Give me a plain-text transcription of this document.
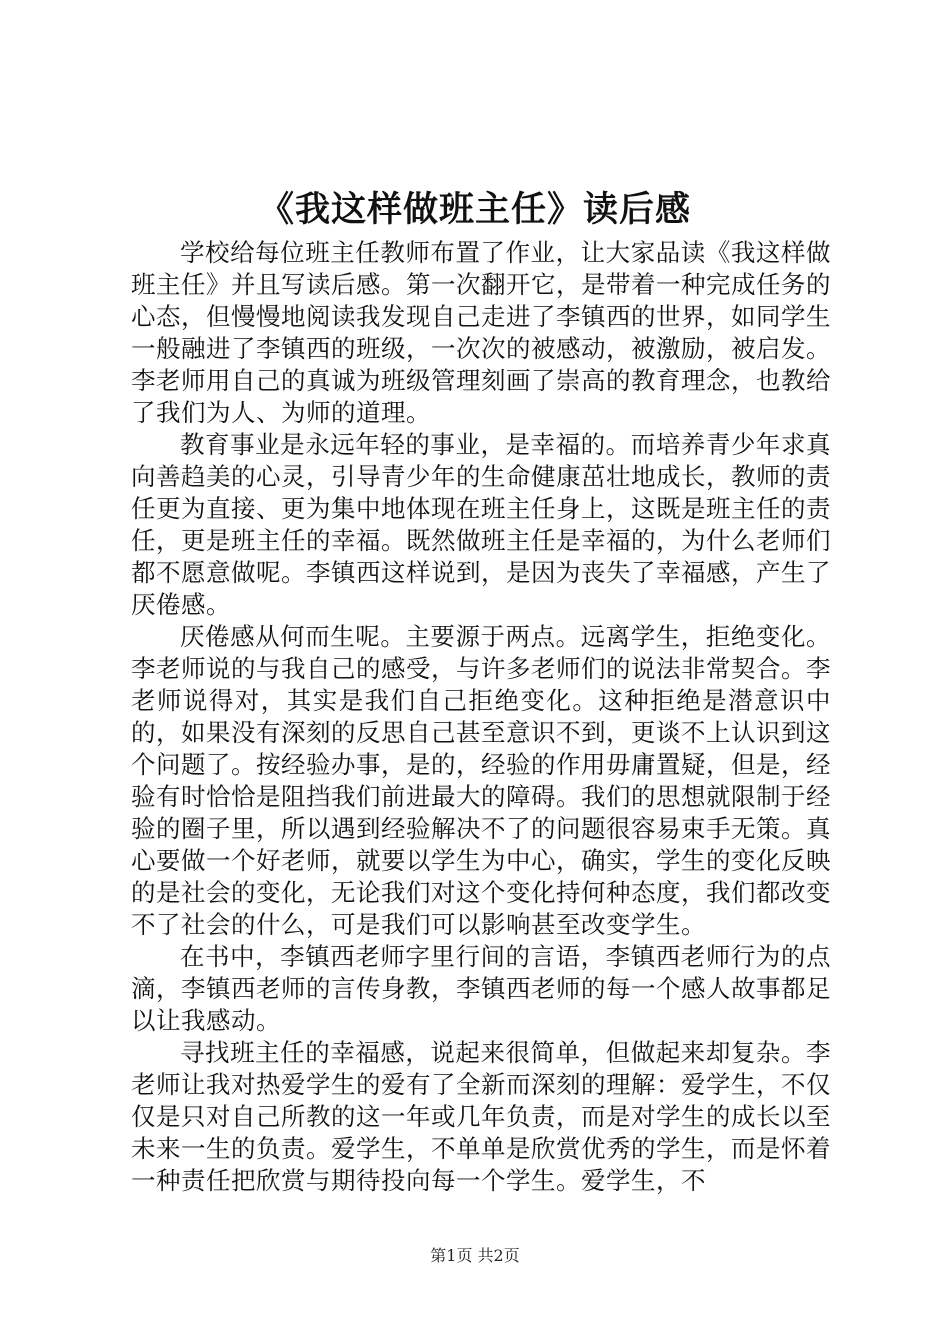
《我这样做班主任》读后感

学校给每位班主任教师布置了作业，让大家品读《我这样做班主任》并且写读后感。第一次翻开它，是带着一种完成任务的心态，但慢慢地阅读我发现自己走进了李镇西的世界，如同学生一般融进了李镇西的班级，一次次的被感动，被激励，被启发。李老师用自己的真诚为班级管理刻画了崇高的教育理念，也教给了我们为人、为师的道理。

教育事业是永远年轻的事业，是幸福的。而培养青少年求真向善趋美的心灵，引导青少年的生命健康茁壮地成长，教师的责任更为直接、更为集中地体现在班主任身上，这既是班主任的责任，更是班主任的幸福。既然做班主任是幸福的，为什么老师们都不愿意做呢。李镇西这样说到，是因为丧失了幸福感，产生了厌倦感。

厌倦感从何而生呢。主要源于两点。远离学生，拒绝变化。李老师说的与我自己的感受，与许多老师们的说法非常契合。李老师说得对，其实是我们自己拒绝变化。这种拒绝是潜意识中的，如果没有深刻的反思自己甚至意识不到，更谈不上认识到这个问题了。按经验办事，是的，经验的作用毋庸置疑，但是，经验有时恰恰是阻挡我们前进最大的障碍。我们的思想就限制于经验的圈子里，所以遇到经验解决不了的问题很容易束手无策。真心要做一个好老师，就要以学生为中心，确实，学生的变化反映的是社会的变化，无论我们对这个变化持何种态度，我们都改变不了社会的什么，可是我们可以影响甚至改变学生。

在书中，李镇西老师字里行间的言语，李镇西老师行为的点滴，李镇西老师的言传身教，李镇西老师的每一个感人故事都足以让我感动。

寻找班主任的幸福感，说起来很简单，但做起来却复杂。李老师让我对热爱学生的爱有了全新而深刻的理解：爱学生，不仅仅是只对自己所教的这一年或几年负责，而是对学生的成长以至未来一生的负责。爱学生，不单单是欣赏优秀的学生，而是怀着一种责任把欣赏与期待投向每一个学生。爱学生，不

第1页 共2页
